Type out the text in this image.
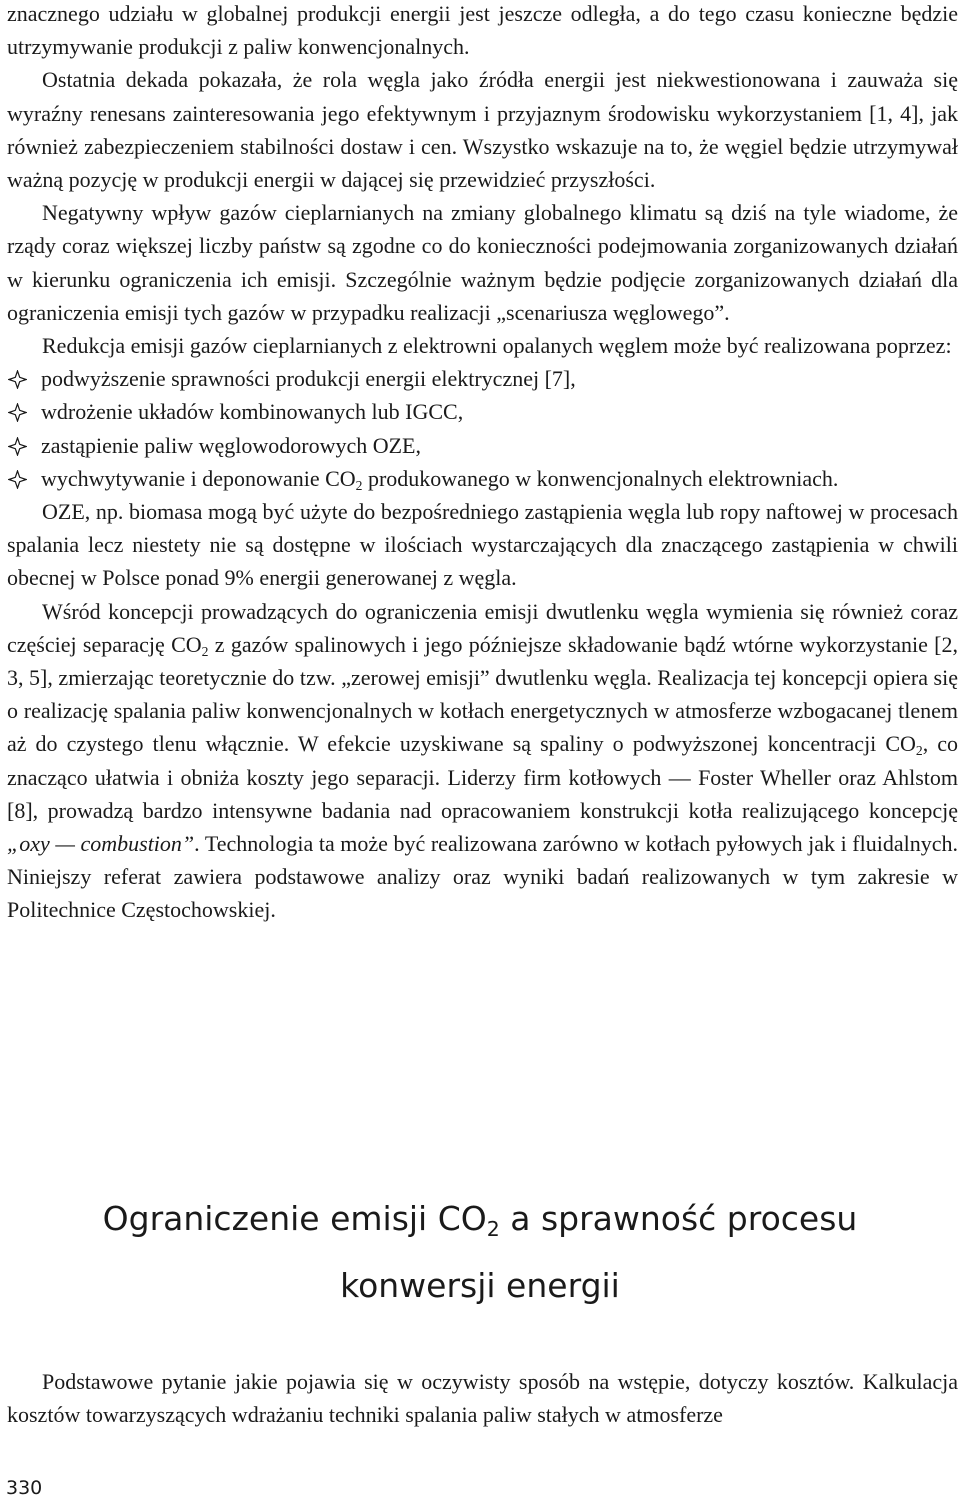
znacznego udziału w globalnej produkcji energii jest jeszcze odległa, a do tego czasu konieczne będzie utrzymywanie produkcji z paliw konwencjonalnych.

Ostatnia dekada pokazała, że rola węgla jako źródła energii jest niekwestionowana i zauważa się wyraźny renesans zainteresowania jego efektywnym i przyjaznym środowisku wykorzystaniem [1, 4], jak również zabezpieczeniem stabilności dostaw i cen. Wszystko wskazuje na to, że węgiel będzie utrzymywał ważną pozycję w produkcji energii w dającej się przewidzieć przyszłości.

Negatywny wpływ gazów cieplarnianych na zmiany globalnego klimatu są dziś na tyle wiadome, że rządy coraz większej liczby państw są zgodne co do konieczności podejmowania zorganizowanych działań w kierunku ograniczenia ich emisji. Szczególnie ważnym będzie podjęcie zorganizowanych działań dla ograniczenia emisji tych gazów w przypadku realizacji „scenariusza węglowego”.

Redukcja emisji gazów cieplarnianych z elektrowni opalanych węglem może być realizowana poprzez:

podwyższenie sprawności produkcji energii elektrycznej [7],
wdrożenie układów kombinowanych lub IGCC,
zastąpienie paliw węglowodorowych OZE,
wychwytywanie i deponowanie $CO_2$ produkowanego w konwencjonalnych elektrowniach.

OZE, np. biomasa mogą być użyte do bezpośredniego zastąpienia węgla lub ropy naftowej w procesach spalania lecz niestety nie są dostępne w ilościach wystarczających dla znaczącego zastąpienia w chwili obecnej w Polsce ponad 9% energii generowanej z węgla.

Wśród koncepcji prowadzących do ograniczenia emisji dwutlenku węgla wymienia się również coraz częściej separację $CO_2$ z gazów spalinowych i jego późniejsze składowanie bądź wtórne wykorzystanie [2, 3, 5], zmierzając teoretycznie do tzw. „zerowej emisji” dwutlenku węgla. Realizacja tej koncepcji opiera się o realizację spalania paliw konwencjonalnych w kotłach energetycznych w atmosferze wzbogacanej tlenem aż do czystego tlenu włącznie. W efekcie uzyskiwane są spaliny o podwyższonej koncentracji $CO_2$, co znacząco ułatwia i obniża koszty jego separacji. Liderzy firm kotłowych — Foster Wheller oraz Ahlstom [8], prowadzą bardzo intensywne badania nad opracowaniem konstrukcji kotła realizującego koncepcję „oxy — combustion”. Technologia ta może być realizowana zarówno w kotłach pyłowych jak i fluidalnych. Niniejszy referat zawiera podstawowe analizy oraz wyniki badań realizowanych w tym zakresie w Politechnice Częstochowskiej.

Ograniczenie emisji CO2 a sprawność procesu konwersji energii

Podstawowe pytanie jakie pojawia się w oczywisty sposób na wstępie, dotyczy kosztów. Kalkulacja kosztów towarzyszących wdrażaniu techniki spalania paliw stałych w atmosferze

330
